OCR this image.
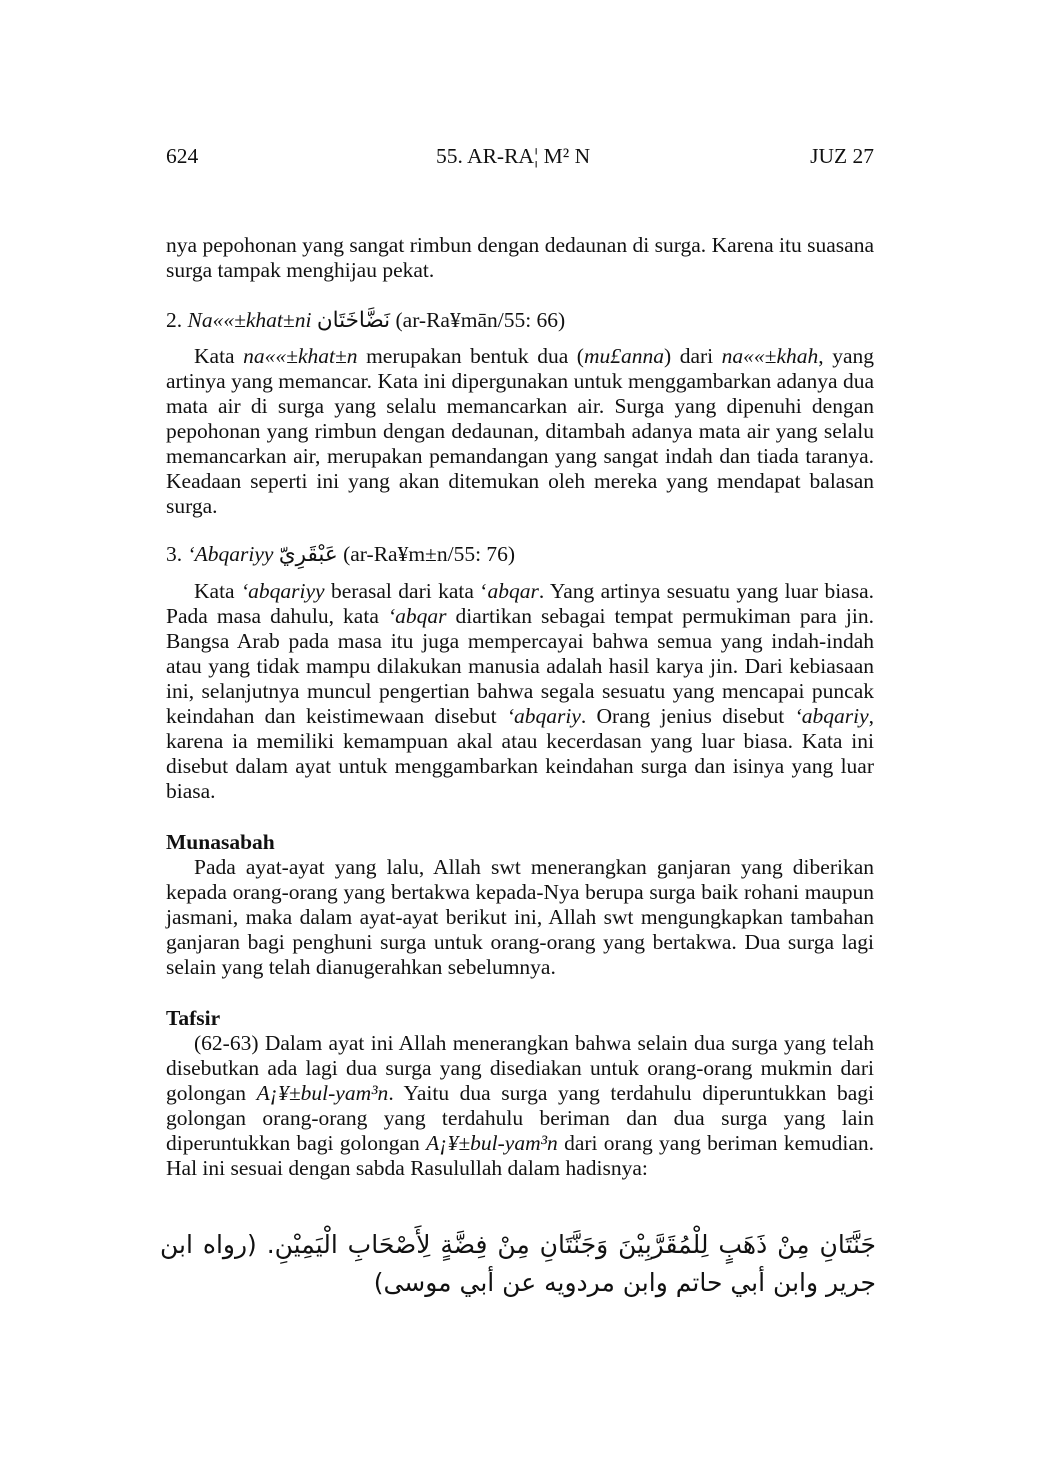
624	55. AR-RA¦ M² N	JUZ 27
nya pepohonan yang sangat rimbun dengan dedaunan di surga. Karena itu suasana surga tampak menghijau pekat.
2. Na««±khat±ni نَضَّاخَتَان (ar-Ra¥mān/55: 66)
Kata na««±khat±n merupakan bentuk dua (mu£anna) dari na««±khah, yang artinya yang memancar. Kata ini dipergunakan untuk menggambarkan adanya dua mata air di surga yang selalu memancarkan air. Surga yang dipenuhi dengan pepohonan yang rimbun dengan dedaunan, ditambah adanya mata air yang selalu memancarkan air, merupakan pemandangan yang sangat indah dan tiada taranya. Keadaan seperti ini yang akan ditemukan oleh mereka yang mendapat balasan surga.
3. ‘Abqariyy عَبْقَرِيّ (ar-Ra¥m±n/55: 76)
Kata ‘abqariyy berasal dari kata ‘abqar. Yang artinya sesuatu yang luar biasa. Pada masa dahulu, kata ‘abqar diartikan sebagai tempat permukiman para jin. Bangsa Arab pada masa itu juga mempercayai bahwa semua yang indah-indah atau yang tidak mampu dilakukan manusia adalah hasil karya jin. Dari kebiasaan ini, selanjutnya muncul pengertian bahwa segala sesuatu yang mencapai puncak keindahan dan keistimewaan disebut ‘abqariy. Orang jenius disebut ‘abqariy, karena ia memiliki kemampuan akal atau kecerdasan yang luar biasa. Kata ini disebut dalam ayat untuk menggambarkan keindahan surga dan isinya yang luar biasa.
Munasabah
Pada ayat-ayat yang lalu, Allah swt menerangkan ganjaran yang diberikan kepada orang-orang yang bertakwa kepada-Nya berupa surga baik rohani maupun jasmani, maka dalam ayat-ayat berikut ini, Allah swt mengungkapkan tambahan ganjaran bagi penghuni surga untuk orang-orang yang bertakwa. Dua surga lagi selain yang telah dianugerahkan sebelumnya.
Tafsir
(62-63) Dalam ayat ini Allah menerangkan bahwa selain dua surga yang telah disebutkan ada lagi dua surga yang disediakan untuk orang-orang mukmin dari golongan A¡¥±bul-yam³n. Yaitu dua surga yang terdahulu diperuntukkan bagi golongan orang-orang yang terdahulu beriman dan dua surga yang lain diperuntukkan bagi golongan A¡¥±bul-yam³n dari orang yang beriman kemudian. Hal ini sesuai dengan sabda Rasulullah dalam hadisnya:
جَنَّتَانِ مِنْ ذَهَبٍ لِلْمُقَرَّبِيْنَ وَجَنَّتَانِ مِنْ فِضَّةٍ لِأَصْحَابِ الْيَمِيْنِ. (رواه ابن جرير وابن أبي حاتم وابن مردويه عن أبي موسى)
